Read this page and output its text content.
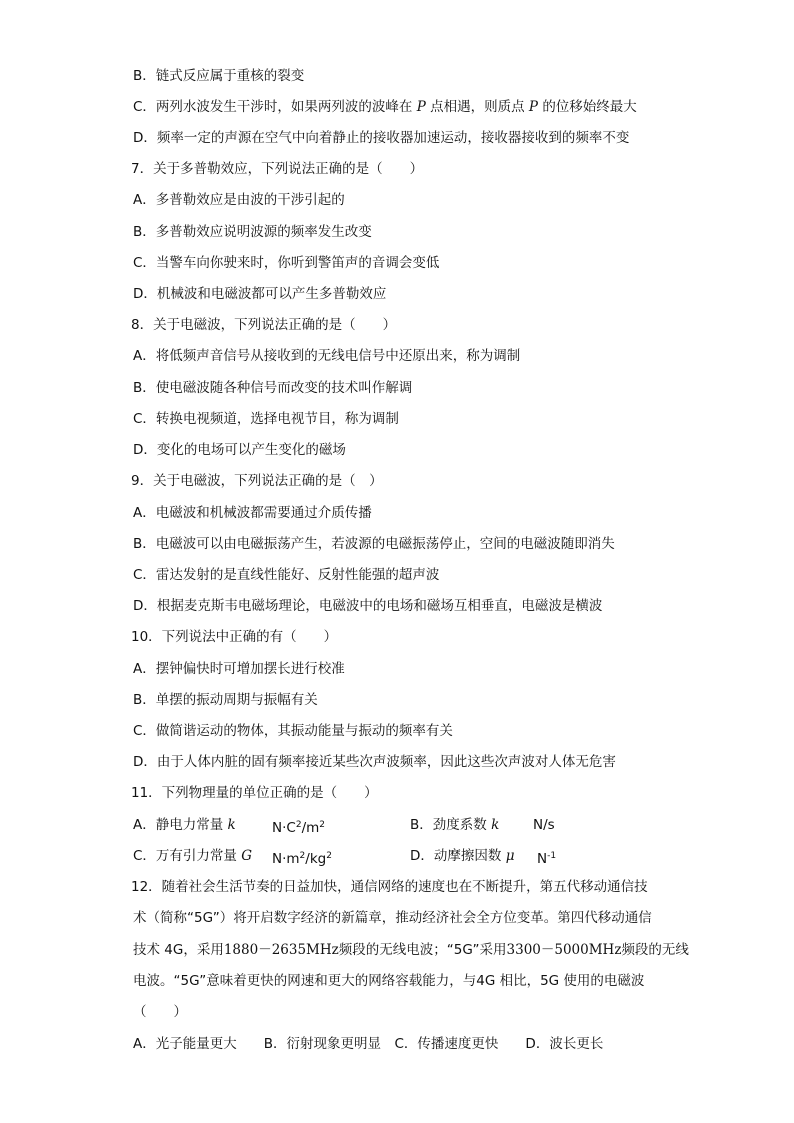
B．链式反应属于重核的裂变
C．两列水波发生干涉时，如果两列波的波峰在 P 点相遇，则质点 P 的位移始终最大
D．频率一定的声源在空气中向着静止的接收器加速运动，接收器接收到的频率不变
7．关于多普勒效应，下列说法正确的是（　　）
A．多普勒效应是由波的干涉引起的
B．多普勒效应说明波源的频率发生改变
C．当警车向你驶来时，你听到警笛声的音调会变低
D．机械波和电磁波都可以产生多普勒效应
8．关于电磁波，下列说法正确的是（　　）
A．将低频声音信号从接收到的无线电信号中还原出来，称为调制
B．使电磁波随各种信号而改变的技术叫作解调
C．转换电视频道，选择电视节目，称为调制
D．变化的电场可以产生变化的磁场
9．关于电磁波，下列说法正确的是（　）
A．电磁波和机械波都需要通过介质传播
B．电磁波可以由电磁振荡产生，若波源的电磁振荡停止，空间的电磁波随即消失
C．雷达发射的是直线性能好、反射性能强的超声波
D．根据麦克斯韦电磁场理论，电磁波中的电场和磁场互相垂直，电磁波是横波
10．下列说法中正确的有（　　）
A．摆钟偏快时可增加摆长进行校准
B．单摆的振动周期与振幅有关
C．做简谐运动的物体，其振动能量与振动的频率有关
D．由于人体内脏的固有频率接近某些次声波频率，因此这些次声波对人体无危害
11．下列物理量的单位正确的是（　　）
A．静电力常量 k	$N\cdot C^2/m^2$	B．劲度系数 k	N/s
C．万有引力常量 G $N\cdot m^2/kg^2$	D．动摩擦因数 μ $N^{-1}$
12．随着社会生活节奏的日益加快，通信网络的速度也在不断提升，第五代移动通信技
术（简称“5G”）将开启数字经济的新篇章，推动经济社会全方位变革。第四代移动通信
技术 4G，采用1880－2635MHz频段的无线电波；“5G”采用3300－5000MHz频段的无线
电波。“5G”意味着更快的网速和更大的网络容载能力，与4G 相比，5G 使用的电磁波
（　　）
A．光子能量更大　　B．衍射现象更明显　C．传播速度更快　　D．波长更长
